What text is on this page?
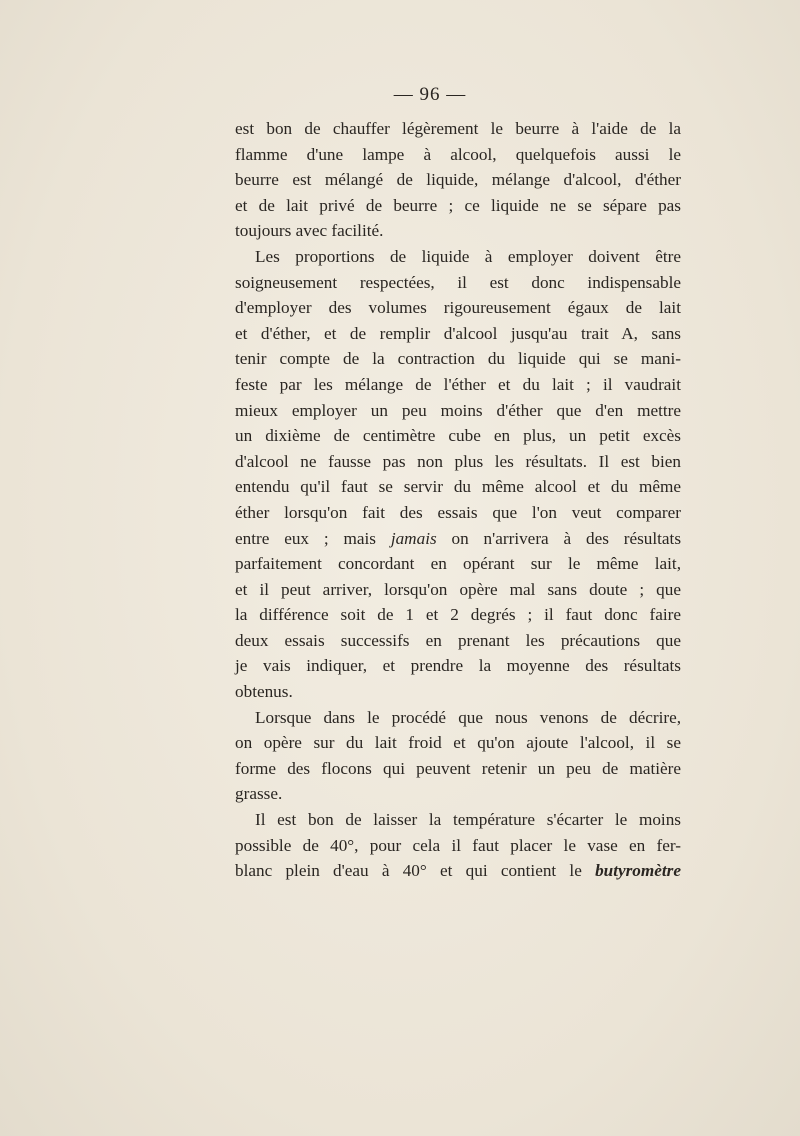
— 96 —
est bon de chauffer légèrement le beurre à l'aide de la
flamme d'une lampe à alcool, quelquefois aussi le
beurre est mélangé de liquide, mélange d'alcool, d'éther
et de lait privé de beurre ; ce liquide ne se sépare pas
toujours avec facilité.
Les proportions de liquide à employer doivent être
soigneusement respectées, il est donc indispensable
d'employer des volumes rigoureusement égaux de lait
et d'éther, et de remplir d'alcool jusqu'au trait A, sans
tenir compte de la contraction du liquide qui se mani-
feste par les mélange de l'éther et du lait ; il vaudrait
mieux employer un peu moins d'éther que d'en mettre
un dixième de centimètre cube en plus, un petit excès
d'alcool ne fausse pas non plus les résultats. Il est bien
entendu qu'il faut se servir du même alcool et du même
éther lorsqu'on fait des essais que l'on veut comparer
entre eux ; mais jamais on n'arrivera à des résultats
parfaitement concordant en opérant sur le même lait,
et il peut arriver, lorsqu'on opère mal sans doute ; que
la différence soit de 1 et 2 degrés ; il faut donc faire
deux essais successifs en prenant les précautions que
je vais indiquer, et prendre la moyenne des résultats
obtenus.
Lorsque dans le procédé que nous venons de décrire,
on opère sur du lait froid et qu'on ajoute l'alcool, il se
forme des flocons qui peuvent retenir un peu de matière
grasse.
Il est bon de laisser la température s'écarter le moins
possible de 40°, pour cela il faut placer le vase en fer-
blanc plein d'eau à 40° et qui contient le butyromètre
